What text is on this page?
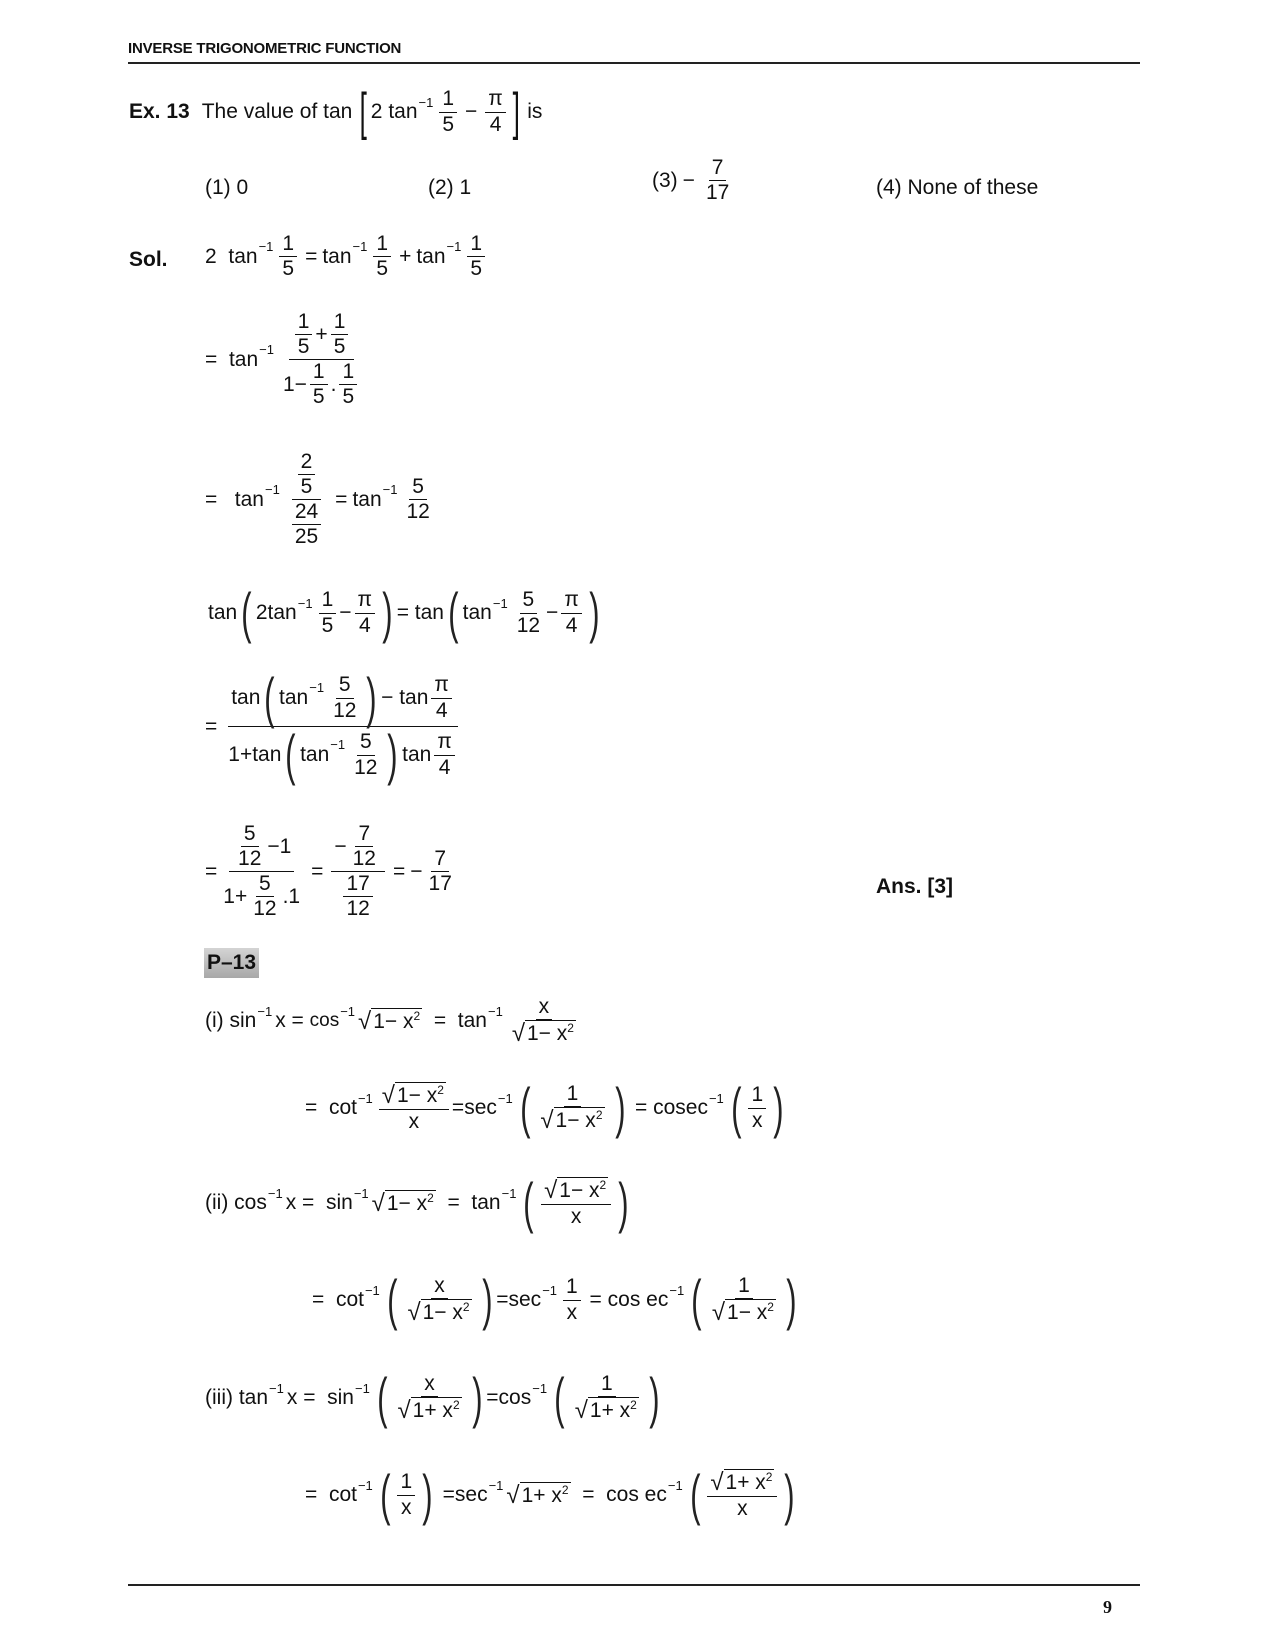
INVERSE TRIGONOMETRIC FUNCTION
Ex. 13 The value of tan [ 2
$\tan -1 \frac{1}{5} - \frac{\pi}{4}$ ] is
(1) 0	(2) 1	$(3) - \frac{7}{17}$	(4) None of these
Sol. 2
$\tan -1 \frac{1}{5} = \tan -1 \frac{1}{5} + \tan -1 \frac{1}{5}$
=
$\tan -1 \frac{\frac{1}{5} + \frac{1}{5}}{1 - \frac{1}{5} . \frac{1}{5}}$
=
$\tan -1 \frac{\frac{2}{5}}{\frac{24}{25}} = \tan -1 \frac{5}{12}$
tan ( 2 $\tan -1 \frac{1}{5} - \frac{\pi}{4}$ ) =
tan ( $\tan -1 \frac{5}{12} - \frac{\pi}{4}$ )
= tan ( $\tan -1 \frac{5}{12}$ ) −
$\tan \frac{\pi}{4}$
1 + tan ( $\tan -1 \frac{5}{12}$ ) $\tan \frac{\pi}{4}$
= $\frac{\frac{5}{12} - 1}{1 + \frac{5}{12} .1} = \frac{- \frac{7}{12}}{\frac{17}{12}}$ = − $\frac{7}{17}$	Ans. [3]
P–13
(i)
sin −1 x
=
cos −1 √ $1- x^2$
=
$\tan -1 \frac{x}{√ 1- x^2}$
=
$\cot -1 \frac{√ 1- x^2}{x} = \sec -1$ ( $\frac{1}{√ 1- x^2}$ )
=
cosec −1 ( $\frac{1}{x}$ )
(ii)
cos −1 x
=
sin −1 √ $1- x^2$
=
tan −1 ( $\frac{√ 1- x^2}{x}$ )
=
cot −1 ( $\frac{x}{√ 1- x^2}$ ) = $\sec -1 \frac{1}{x}$
=
cos ec −1 ( $\frac{1}{√ 1- x^2}$ )
(iii)
tan −1 x
=
sin −1 ( $\frac{x}{√ 1+ x^2}$ ) = cos −1 ( $\frac{1}{√ 1+ x^2}$ )
=
cot −1 ( $\frac{1}{x}$ )
= sec −1 √ $1+ x^2$
=
cos ec −1 ( $\frac{√ 1+ x^2}{x}$ )
9
